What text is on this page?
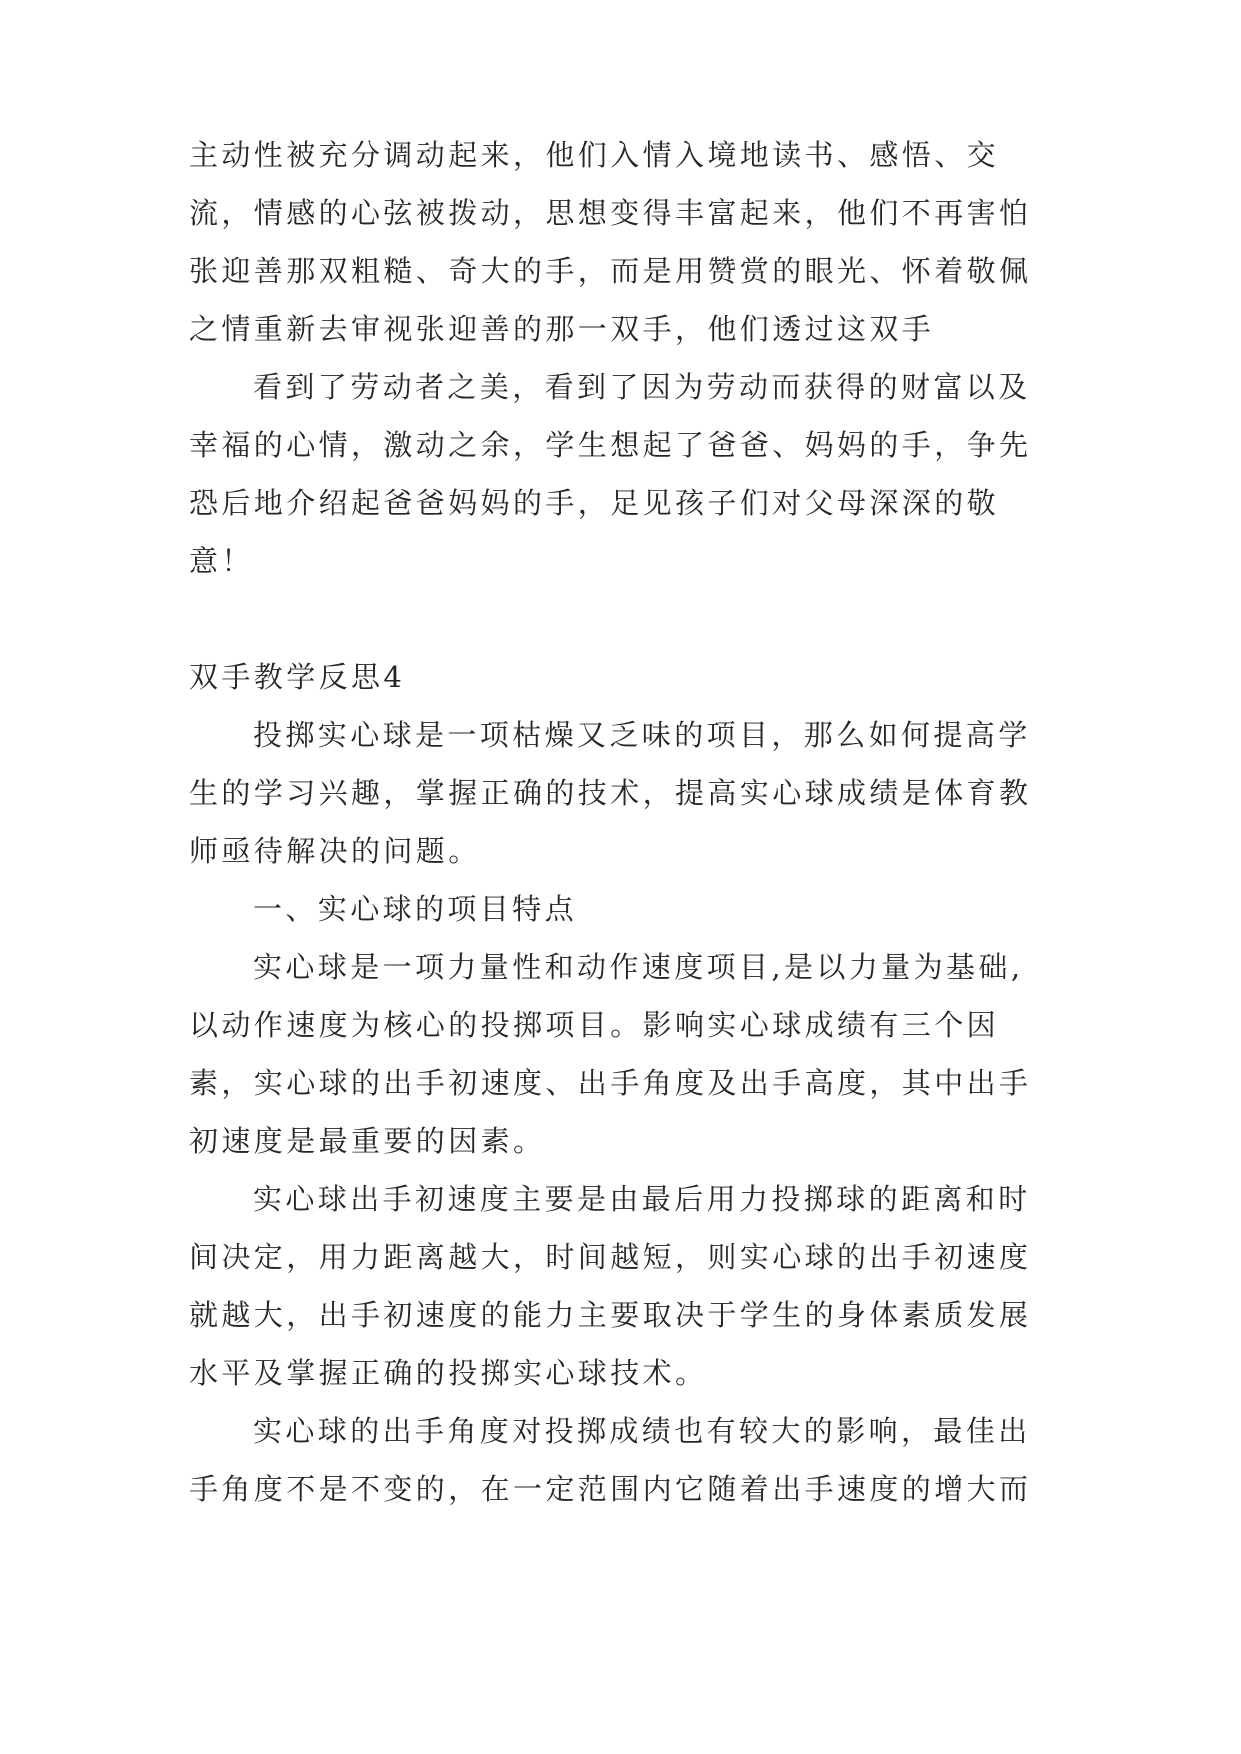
主动性被充分调动起来，他们入情入境地读书、感悟、交流，情感的心弦被拨动，思想变得丰富起来，他们不再害怕张迎善那双粗糙、奇大的手，而是用赞赏的眼光、怀着敬佩之情重新去审视张迎善的那一双手，他们透过这双手

看到了劳动者之美，看到了因为劳动而获得的财富以及幸福的心情，激动之余，学生想起了爸爸、妈妈的手，争先恐后地介绍起爸爸妈妈的手，足见孩子们对父母深深的敬意！

双手教学反思4

投掷实心球是一项枯燥又乏味的项目，那么如何提高学生的学习兴趣，掌握正确的技术，提高实心球成绩是体育教师亟待解决的问题。

一、实心球的项目特点

实心球是一项力量性和动作速度项目,是以力量为基础,以动作速度为核心的投掷项目。影响实心球成绩有三个因素，实心球的出手初速度、出手角度及出手高度，其中出手初速度是最重要的因素。

实心球出手初速度主要是由最后用力投掷球的距离和时间决定，用力距离越大，时间越短，则实心球的出手初速度就越大，出手初速度的能力主要取决于学生的身体素质发展水平及掌握正确的投掷实心球技术。

实心球的出手角度对投掷成绩也有较大的影响，最佳出手角度不是不变的，在一定范围内它随着出手速度的增大而
